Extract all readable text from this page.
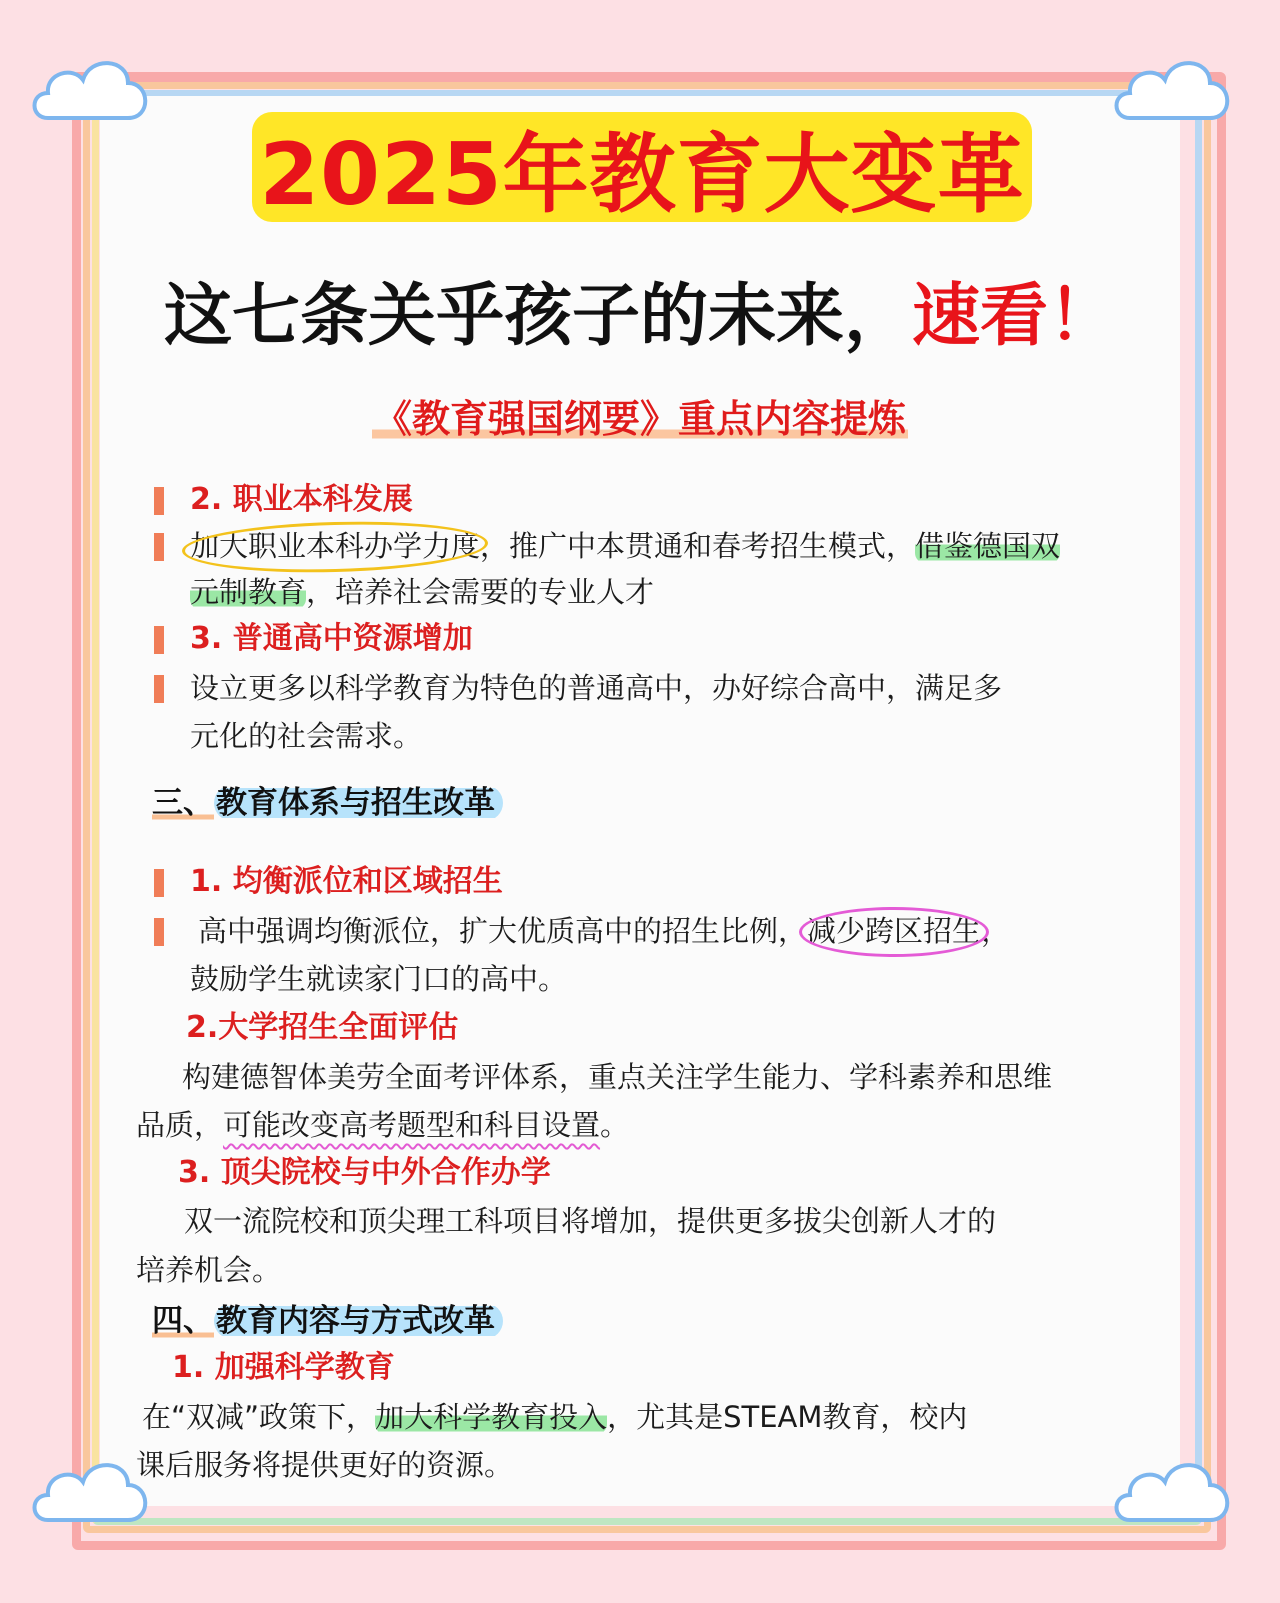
2025年教育大变革
这七条关乎孩子的未来，速看！
《教育强国纲要》重点内容提炼
2. 职业本科发展
加大职业本科办学力度，推广中本贯通和春考招生模式，借鉴德国双
元制教育，培养社会需要的专业人才
3. 普通高中资源增加
设立更多以科学教育为特色的普通高中，办好综合高中，满足多
元化的社会需求。
三、教育体系与招生改革
1. 均衡派位和区域招生
高中强调均衡派位，扩大优质高中的招生比例，减少跨区招生，
鼓励学生就读家门口的高中。
2.大学招生全面评估
构建德智体美劳全面考评体系，重点关注学生能力、学科素养和思维
品质，可能改变高考题型和科目设置。
3. 顶尖院校与中外合作办学
双一流院校和顶尖理工科项目将增加，提供更多拔尖创新人才的
培养机会。
四、教育内容与方式改革
1. 加强科学教育
在“双减”政策下，加大科学教育投入，尤其是STEAM教育，校内
课后服务将提供更好的资源。
